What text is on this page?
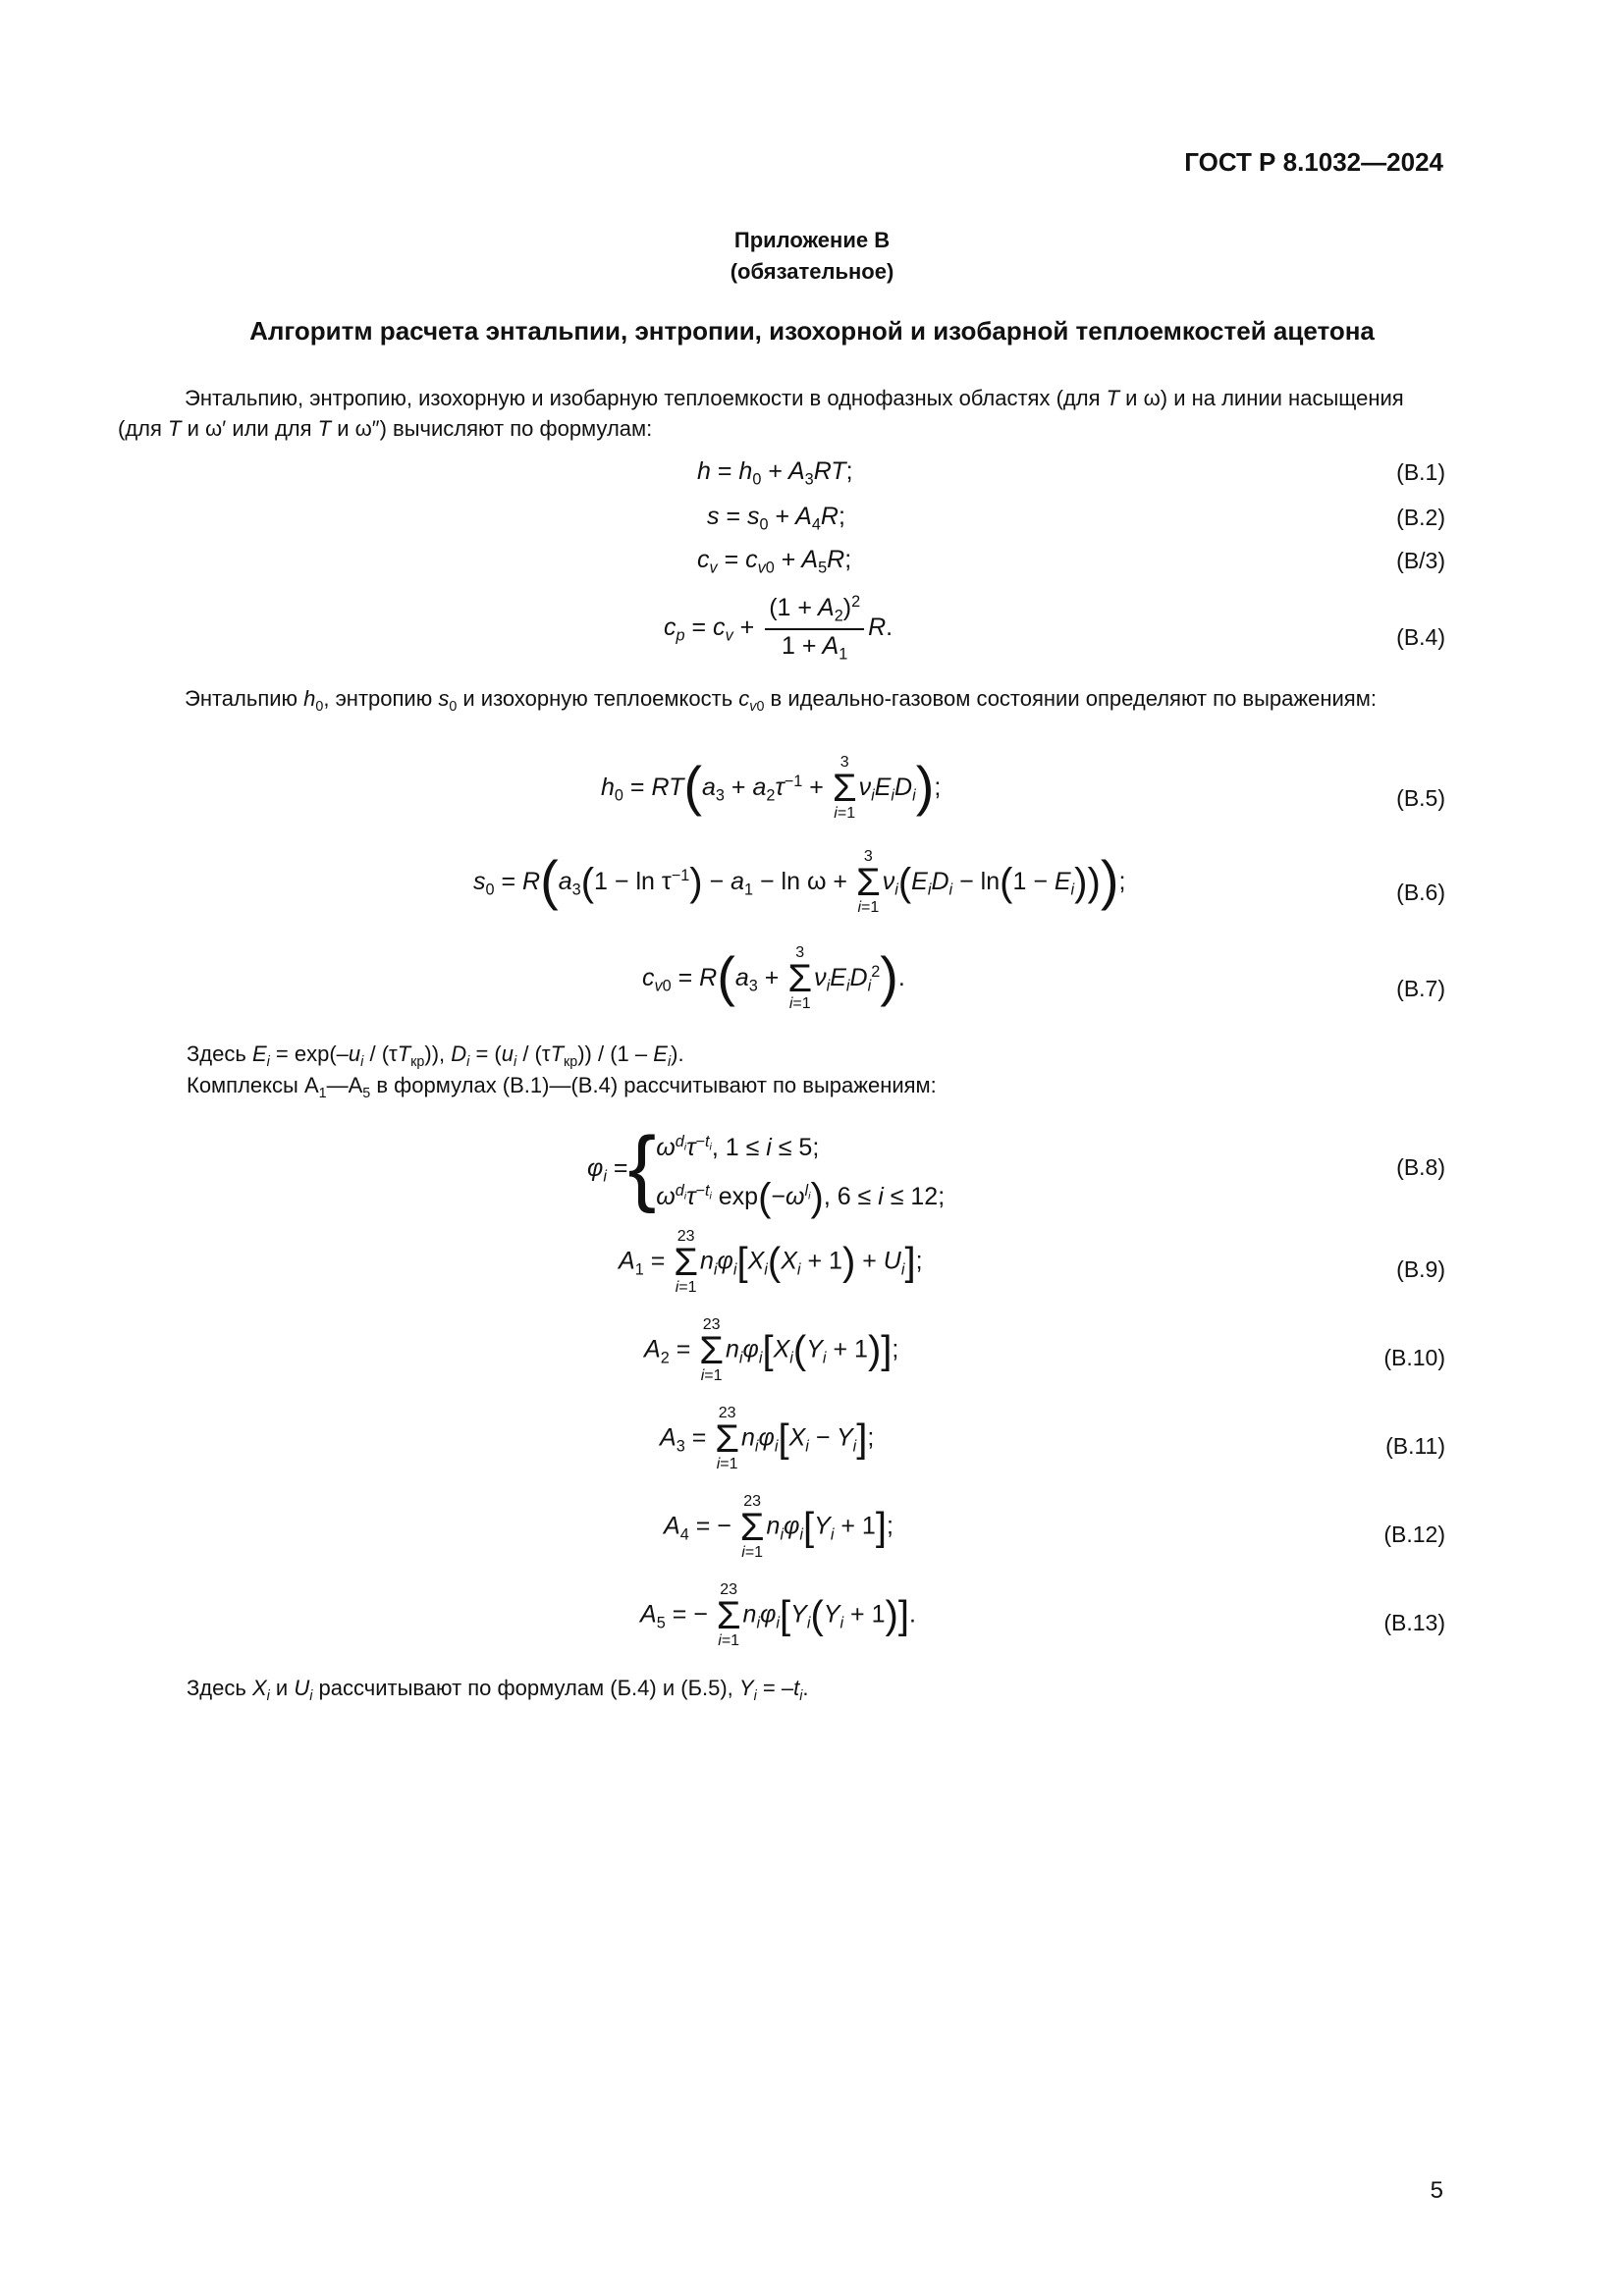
ГОСТ Р 8.1032—2024
Приложение В
(обязательное)
Алгоритм расчета энтальпии, энтропии, изохорной и изобарной теплоемкостей ацетона
Энтальпию, энтропию, изохорную и изобарную теплоемкости в однофазных областях (для T и ω) и на линии насыщения (для T и ω′ или для T и ω″) вычисляют по формулам:
$h = h_0 + A_3RT$;	(В.1)
$s = s_0 + A_4R$;	(В.2)
$c_v = c_{v0} + A_5R$;	(В/3)
$c_p = c_v + \frac{(1 + A_2)^2}{1 + A_1} R$.	(В.4)
Энтальпию $h_0$, энтропию $s_0$ и изохорную теплоемкость $c_{v0}$ в идеально-газовом состоянии определяют по выражениям:
$h_0 = RT(a_3 + a_2\tau^{-1}$ +
3
Σ
i=1
$\nu_iE_iD_i$);	(В.5)
$s_0 = R(a_3(1 - \ln \tau^{-1}) - a_1 - \ln \omega$ +
3
Σ
i=1
$\nu_i(E_iD_i - \ln(1 - E_i))$);	(В.6)
$c_{v0} = R(a_3$ +
3
Σ
i=1
$\nu_iE_iD_i^2$).	(В.7)
Здесь $E_i = \exp(-u_i / (\tau T_{кр}))$, $D_i = (u_i / (\tau T_{кр})) / (1 - E_i)$.
Комплексы $A_1—A_5$ в формулах (В.1)—(В.4) рассчитывают по выражениям:
$\varphi_i$ ={ $\omega^{d_i}\tau^{-t_i}$, 1 ≤ i ≤ 5;
$\omega^{d_i}\tau^{-t_i}$ $\exp(-\omega^{l_i})$, 6 ≤ i ≤ 12;
(В.8)
$A_1$ =
23
Σ
i=1
$n_i\varphi_i[X_i(X_i + 1) + U_i]$;	(В.9)
$A_2$ =
23
Σ
i=1
$n_i\varphi_i[X_i(Y_i + 1)]$;	(В.10)
$A_3$ =
23
Σ
i=1
$n_i\varphi_i[X_i - Y_i]$;	(В.11)
$A_4$ = −
23
Σ
i=1
$n_i\varphi_i[Y_i + 1]$;	(В.12)
$A_5$ = −
23
Σ
i=1
$n_i\varphi_i[Y_i(Y_i + 1)]$.	(В.13)
Здесь $X_i$ и $U_i$ рассчитывают по формулам (Б.4) и (Б.5), $Y_i = -t_i$.
5
